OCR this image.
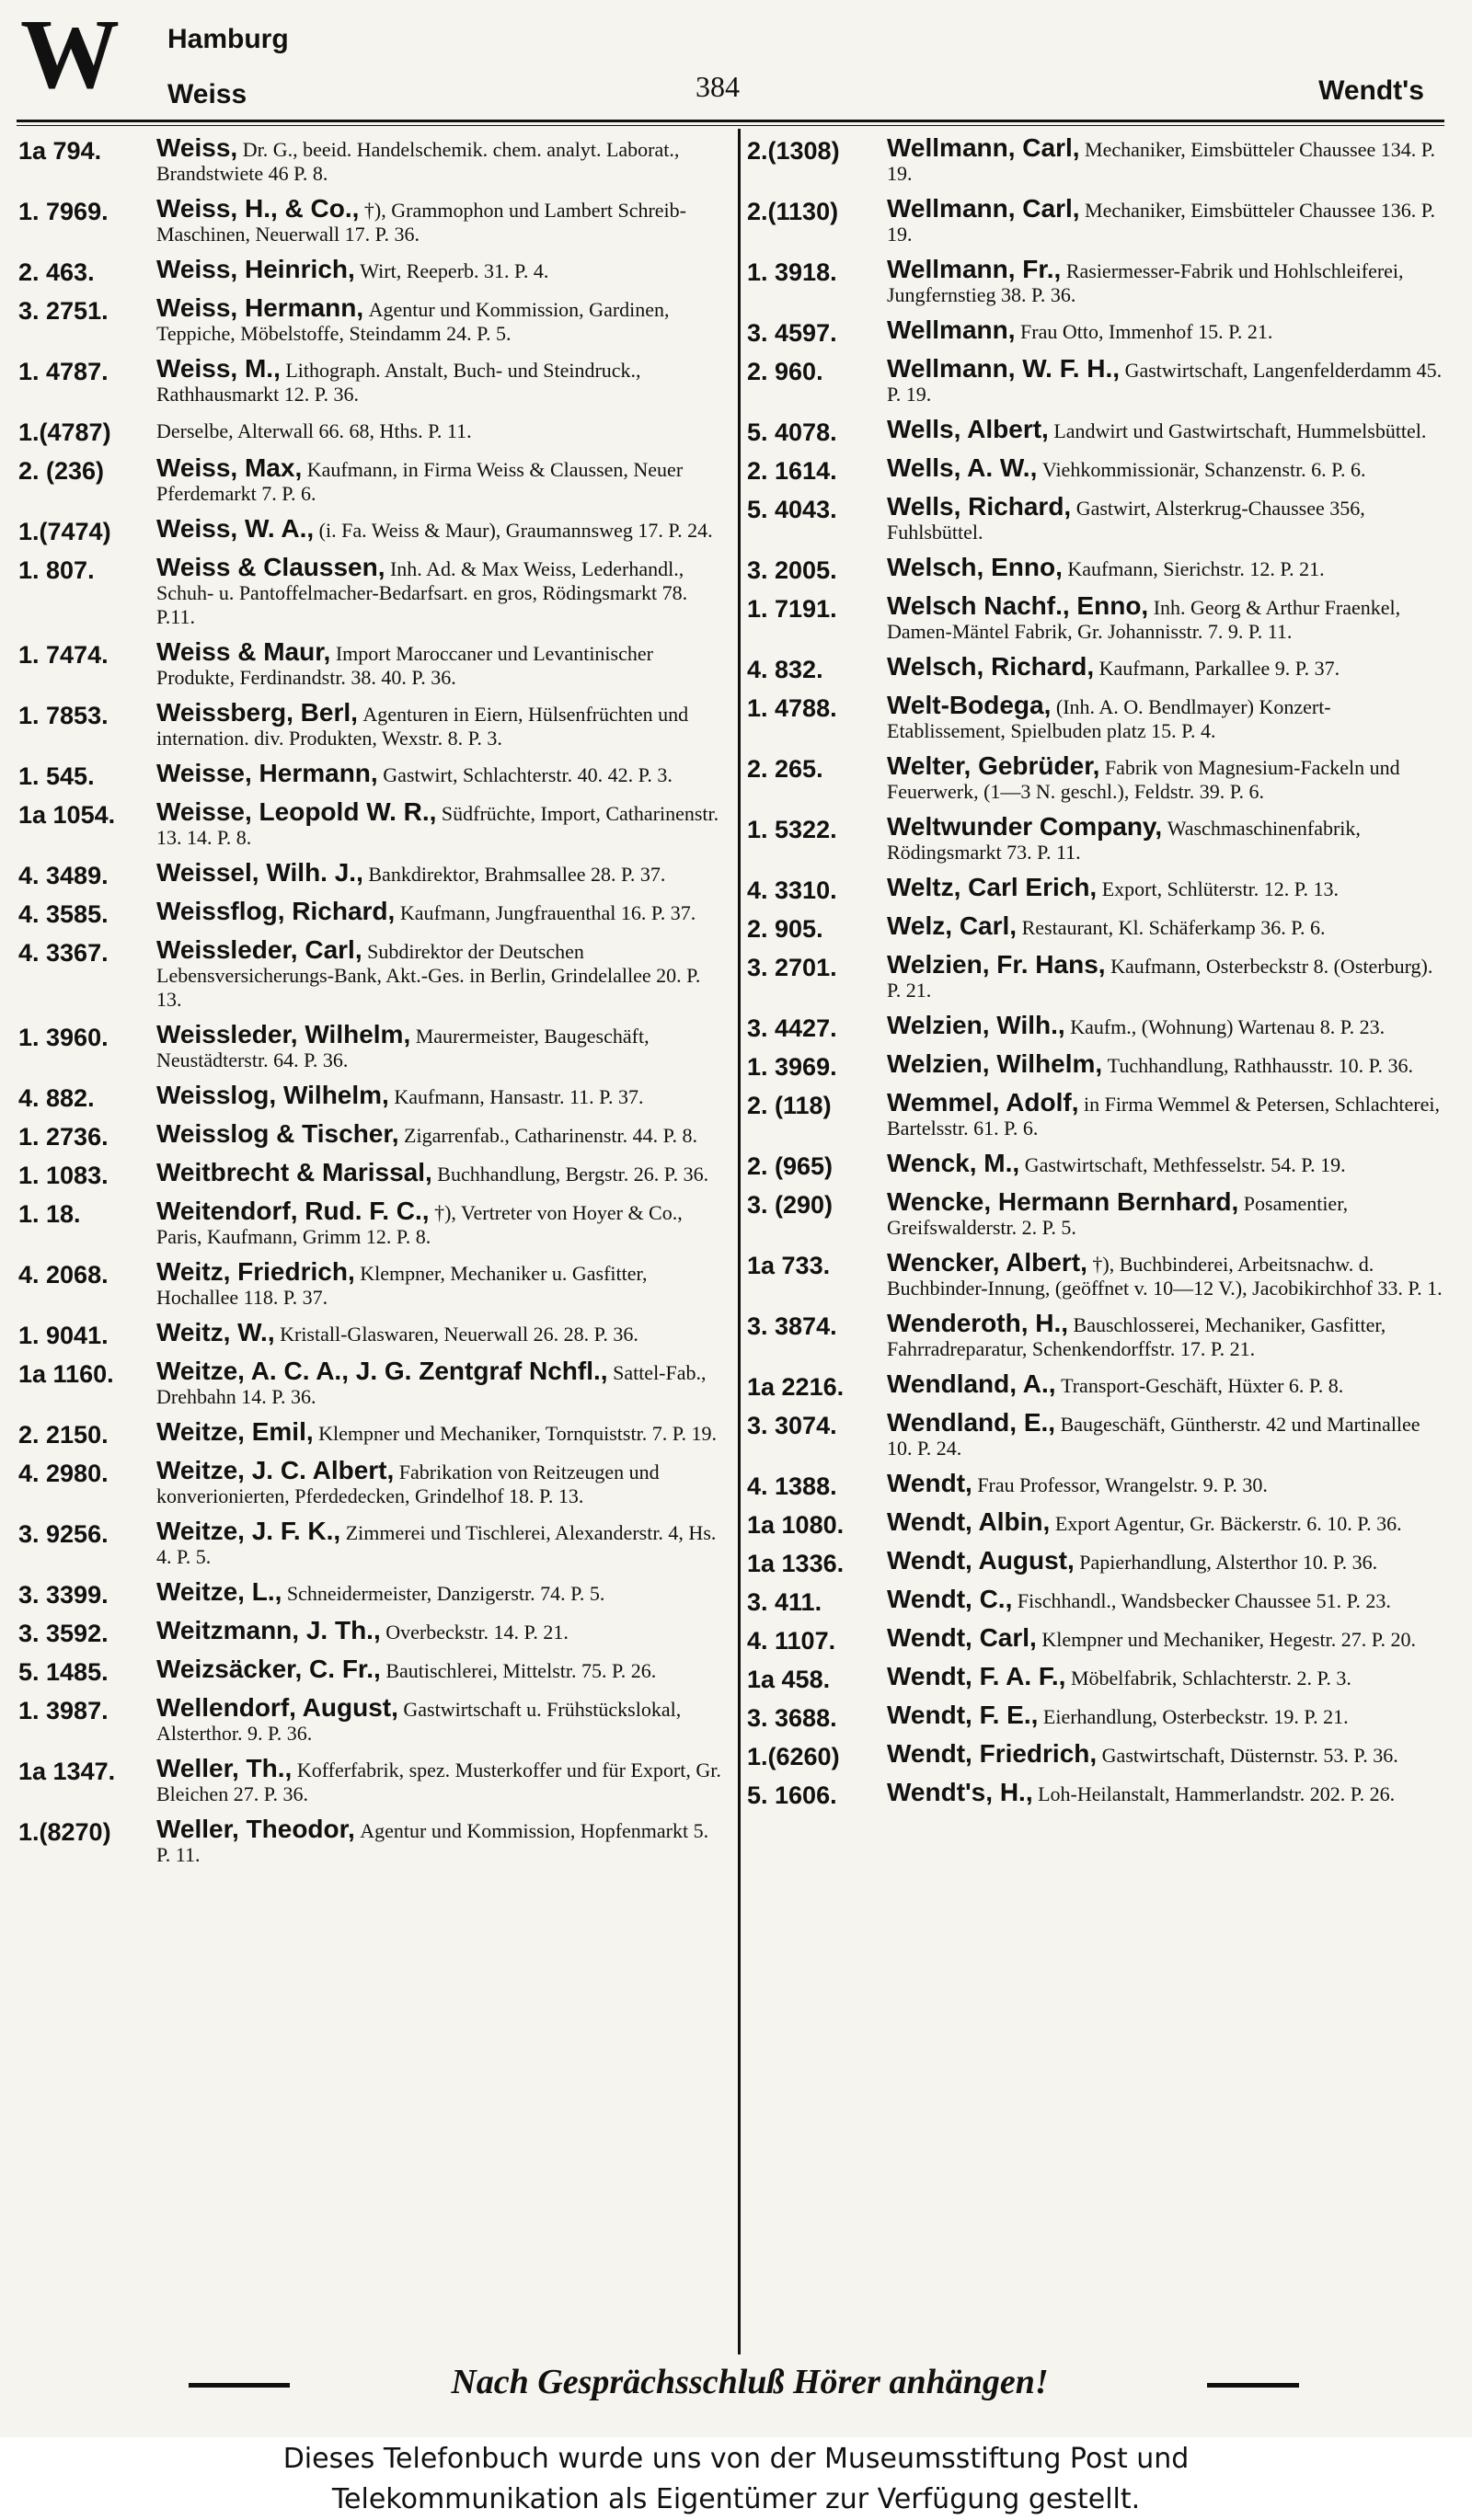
W Hamburg
Weiss	384	Wendt's
1a 794.	Weiss, Dr. G., beeid. Handelschemik. chem. analyt. Laborat., Brandstwiete 46 P. 8.
1. 7969.	Weiss, H., & Co., †), Grammophon und Lambert Schreib-Maschinen, Neuerwall 17. P. 36.
2. 463.	Weiss, Heinrich, Wirt, Reeperb. 31. P. 4.
3. 2751.	Weiss, Hermann, Agentur und Kommission, Gardinen, Teppiche, Möbelstoffe, Steindamm 24. P. 5.
1. 4787.	Weiss, M., Lithograph. Anstalt, Buch- und Steindruck., Rathhausmarkt 12. P. 36.
1.(4787)	Derselbe, Alterwall 66. 68, Hths. P. 11.
2. (236)	Weiss, Max, Kaufmann, in Firma Weiss & Claussen, Neuer Pferdemarkt 7. P. 6.
1.(7474)	Weiss, W. A., (i. Fa. Weiss & Maur), Graumannsweg 17. P. 24.
1. 807.	Weiss & Claussen, Inh. Ad. & Max Weiss, Lederhandl., Schuh- u. Pantoffelmacher-Bedarfsart. en gros, Rödingsmarkt 78. P.11.
1. 7474.	Weiss & Maur, Import Maroccaner und Levantinischer Produkte, Ferdinandstr. 38. 40. P. 36.
1. 7853.	Weissberg, Berl, Agenturen in Eiern, Hülsenfrüchten und internation. div. Produkten, Wexstr. 8. P. 3.
1. 545.	Weisse, Hermann, Gastwirt, Schlachterstr. 40. 42. P. 3.
1a 1054.	Weisse, Leopold W. R., Südfrüchte, Import, Catharinenstr. 13. 14. P. 8.
4. 3489.	Weissel, Wilh. J., Bankdirektor, Brahmsallee 28. P. 37.
4. 3585.	Weissflog, Richard, Kaufmann, Jungfrauenthal 16. P. 37.
4. 3367.	Weissleder, Carl, Subdirektor der Deutschen Lebensversicherungs-Bank, Akt.-Ges. in Berlin, Grindelallee 20. P. 13.
1. 3960.	Weissleder, Wilhelm, Maurermeister, Baugeschäft, Neustädterstr. 64. P. 36.
4. 882.	Weisslog, Wilhelm, Kaufmann, Hansastr. 11. P. 37.
1. 2736.	Weisslog & Tischer, Zigarrenfab., Catharinenstr. 44. P. 8.
1. 1083.	Weitbrecht & Marissal, Buchhandlung, Bergstr. 26. P. 36.
1. 18.	Weitendorf, Rud. F. C., †), Vertreter von Hoyer & Co., Paris, Kaufmann, Grimm 12. P. 8.
4. 2068.	Weitz, Friedrich, Klempner, Mechaniker u. Gasfitter, Hochallee 118. P. 37.
1. 9041.	Weitz, W., Kristall-Glaswaren, Neuerwall 26. 28. P. 36.
1a 1160.	Weitze, A. C. A., J. G. Zentgraf Nchfl., Sattel-Fab., Drehbahn 14. P. 36.
2. 2150.	Weitze, Emil, Klempner und Mechaniker, Tornquiststr. 7. P. 19.
4. 2980.	Weitze, J. C. Albert, Fabrikation von Reitzeugen und konverionierten, Pferdedecken, Grindelhof 18. P. 13.
3. 9256.	Weitze, J. F. K., Zimmerei und Tischlerei, Alexanderstr. 4, Hs. 4. P. 5.
3. 3399.	Weitze, L., Schneidermeister, Danzigerstr. 74. P. 5.
3. 3592.	Weitzmann, J. Th., Overbeckstr. 14. P. 21.
5. 1485.	Weizsäcker, C. Fr., Bautischlerei, Mittelstr. 75. P. 26.
1. 3987.	Wellendorf, August, Gastwirtschaft u. Frühstückslokal, Alsterthor. 9. P. 36.
1a 1347.	Weller, Th., Kofferfabrik, spez. Musterkoffer und für Export, Gr. Bleichen 27. P. 36.
1.(8270)	Weller, Theodor, Agentur und Kommission, Hopfenmarkt 5. P. 11.
2.(1308)	Wellmann, Carl, Mechaniker, Eimsbütteler Chaussee 134. P. 19.
2.(1130)	Wellmann, Carl, Mechaniker, Eimsbütteler Chaussee 136. P. 19.
1. 3918.	Wellmann, Fr., Rasiermesser-Fabrik und Hohlschleiferei, Jungfernstieg 38. P. 36.
3. 4597.	Wellmann, Frau Otto, Immenhof 15. P. 21.
2. 960.	Wellmann, W. F. H., Gastwirtschaft, Langenfelderdamm 45. P. 19.
5. 4078.	Wells, Albert, Landwirt und Gastwirtschaft, Hummelsbüttel.
2. 1614.	Wells, A. W., Viehkommissionär, Schanzenstr. 6. P. 6.
5. 4043.	Wells, Richard, Gastwirt, Alsterkrug-Chaussee 356, Fuhlsbüttel.
3. 2005.	Welsch, Enno, Kaufmann, Sierichstr. 12. P. 21.
1. 7191.	Welsch Nachf., Enno, Inh. Georg & Arthur Fraenkel, Damen-Mäntel Fabrik, Gr. Johannisstr. 7. 9. P. 11.
4. 832.	Welsch, Richard, Kaufmann, Parkallee 9. P. 37.
1. 4788.	Welt-Bodega, (Inh. A. O. Bendlmayer) Konzert-Etablissement, Spielbuden platz 15. P. 4.
2. 265.	Welter, Gebrüder, Fabrik von Magnesium-Fackeln und Feuerwerk, (1—3 N. geschl.), Feldstr. 39. P. 6.
1. 5322.	Weltwunder Company, Waschmaschinenfabrik, Rödingsmarkt 73. P. 11.
4. 3310.	Weltz, Carl Erich, Export, Schlüterstr. 12. P. 13.
2. 905.	Welz, Carl, Restaurant, Kl. Schäferkamp 36. P. 6.
3. 2701.	Welzien, Fr. Hans, Kaufmann, Osterbeckstr 8. (Osterburg). P. 21.
3. 4427.	Welzien, Wilh., Kaufm., (Wohnung) Wartenau 8. P. 23.
1. 3969.	Welzien, Wilhelm, Tuchhandlung, Rathhausstr. 10. P. 36.
2. (118)	Wemmel, Adolf, in Firma Wemmel & Petersen, Schlachterei, Bartelsstr. 61. P. 6.
2. (965)	Wenck, M., Gastwirtschaft, Methfesselstr. 54. P. 19.
3. (290)	Wencke, Hermann Bernhard, Posamentier, Greifswalderstr. 2. P. 5.
1a 733.	Wencker, Albert, †), Buchbinderei, Arbeitsnachw. d. Buchbinder-Innung, (geöffnet v. 10—12 V.), Jacobikirchhof 33. P. 1.
3. 3874.	Wenderoth, H., Bauschlosserei, Mechaniker, Gasfitter, Fahrradreparatur, Schenkendorffstr. 17. P. 21.
1a 2216.	Wendland, A., Transport-Geschäft, Hüxter 6. P. 8.
3. 3074.	Wendland, E., Baugeschäft, Güntherstr. 42 und Martinallee 10. P. 24.
4. 1388.	Wendt, Frau Professor, Wrangelstr. 9. P. 30.
1a 1080.	Wendt, Albin, Export Agentur, Gr. Bäckerstr. 6. 10. P. 36.
1a 1336.	Wendt, August, Papierhandlung, Alsterthor 10. P. 36.
3. 411.	Wendt, C., Fischhandl., Wandsbecker Chaussee 51. P. 23.
4. 1107.	Wendt, Carl, Klempner und Mechaniker, Hegestr. 27. P. 20.
1a 458.	Wendt, F. A. F., Möbelfabrik, Schlachterstr. 2. P. 3.
3. 3688.	Wendt, F. E., Eierhandlung, Osterbeckstr. 19. P. 21.
1.(6260)	Wendt, Friedrich, Gastwirtschaft, Düsternstr. 53. P. 36.
5. 1606.	Wendt's, H., Loh-Heilanstalt, Hammerlandstr. 202. P. 26.
Nach Gesprächsschluß Hörer anhängen!
Dieses Telefonbuch wurde uns von der Museumsstiftung Post und
Telekommunikation als Eigentümer zur Verfügung gestellt.
